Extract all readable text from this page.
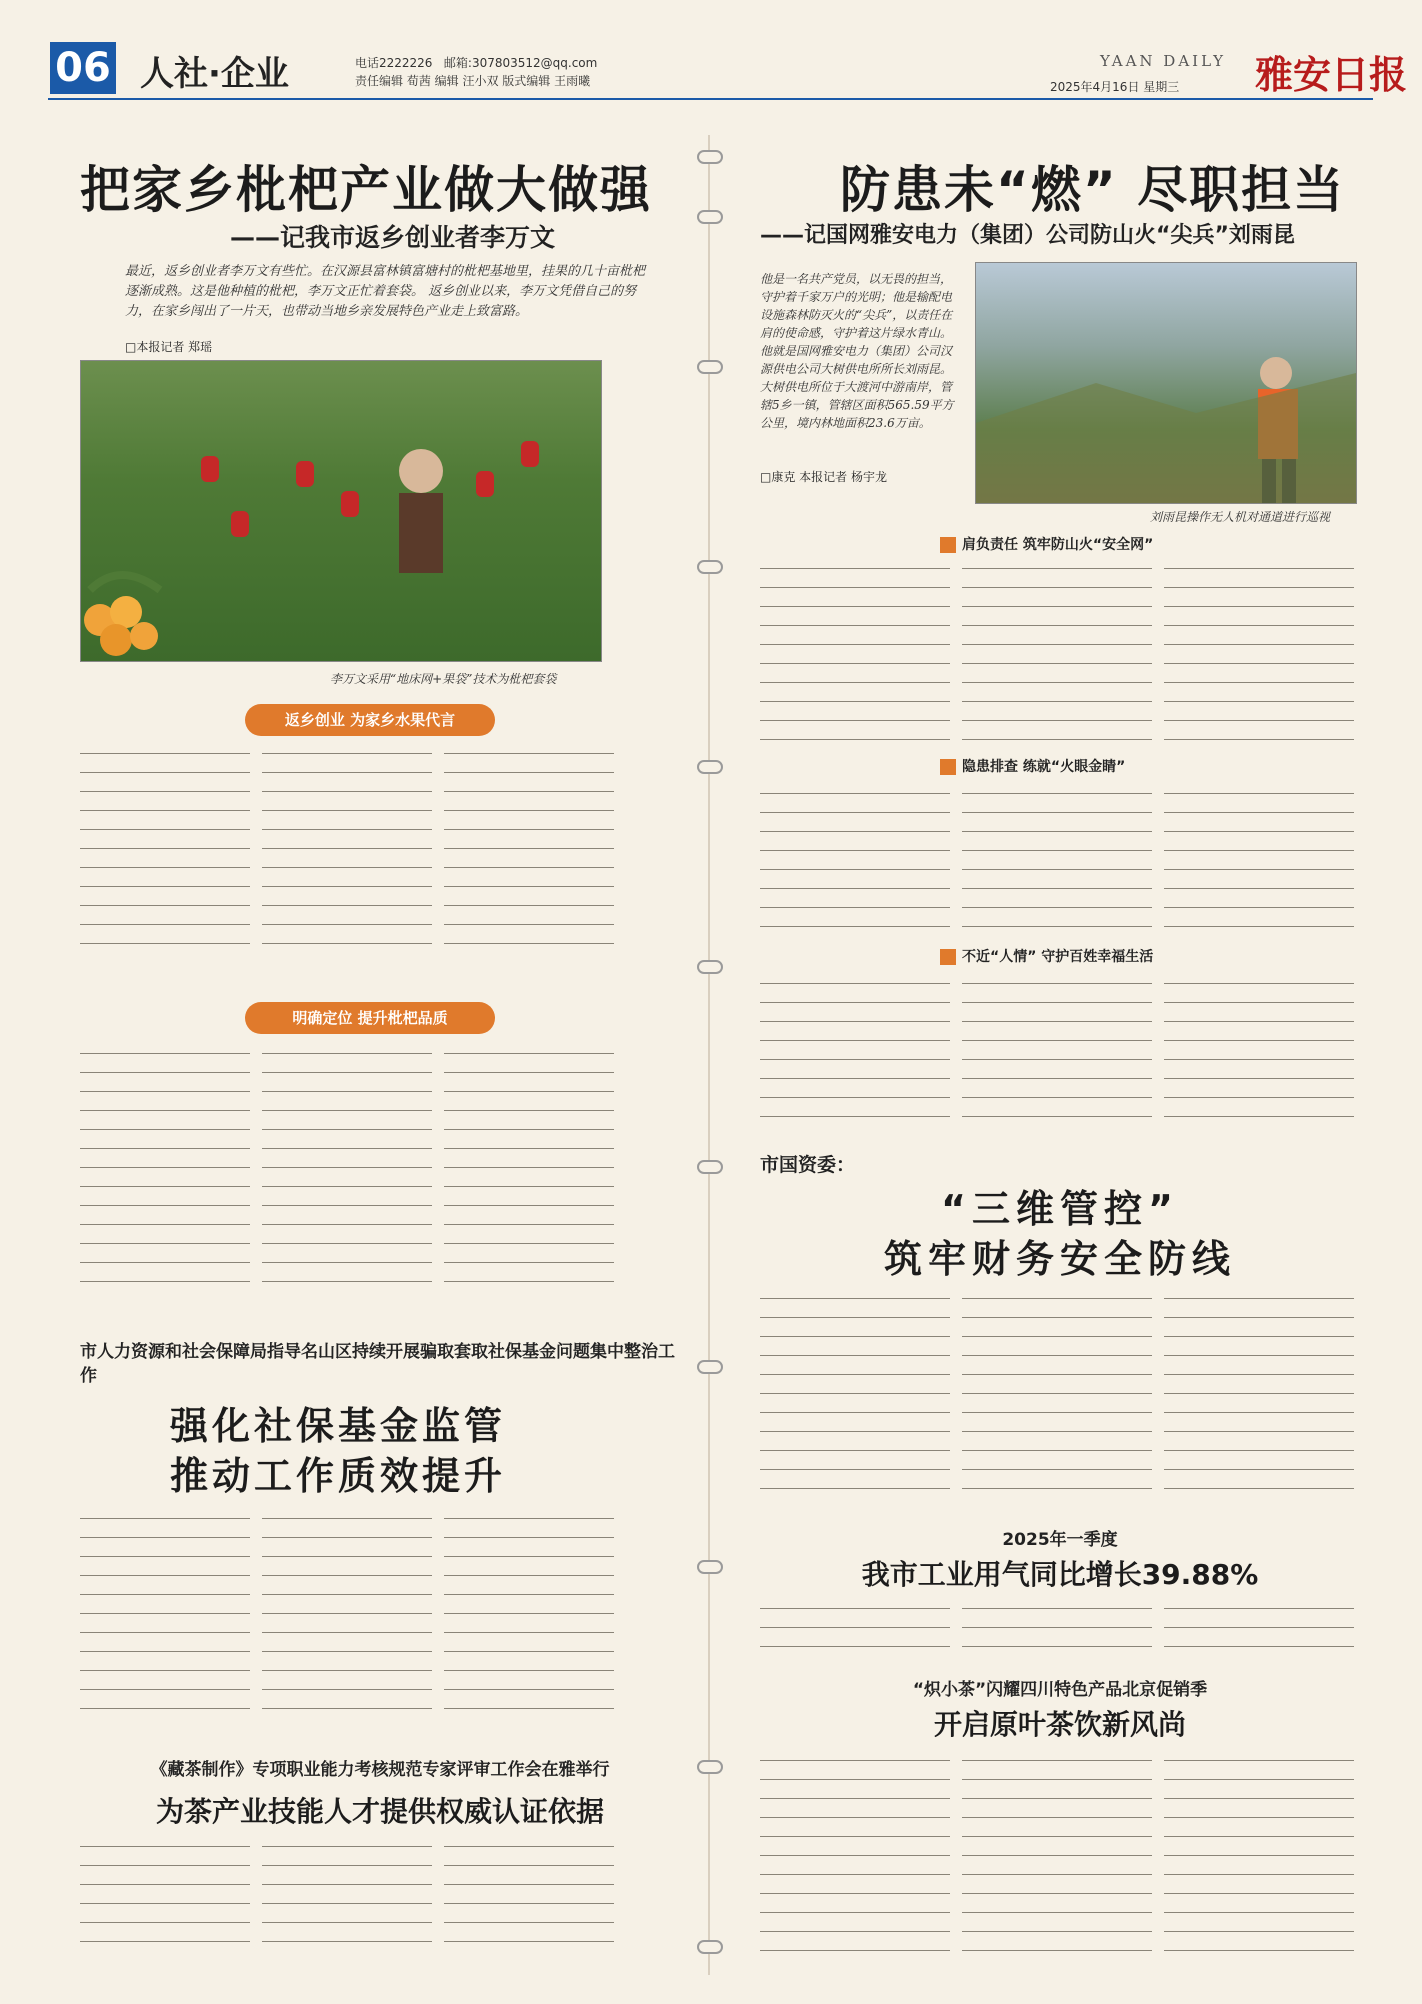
06 人社·企业	电话2222226 邮箱:307803512@qq.com
责任编辑 荀茜 编辑 汪小双 版式编辑 王雨曦
YAAN DAILY
2025年4月16日 星期三 雅安日报
把家乡枇杷产业做大做强
——记我市返乡创业者李万文
最近，返乡创业者李万文有些忙。在汉源县富林镇富塘村的枇杷基地里，挂果的几十亩枇杷逐渐成熟。这是他种植的枇杷，李万文正忙着套袋。 返乡创业以来，李万文凭借自己的努力，在家乡闯出了一片天，也带动当地乡亲发展特色产业走上致富路。
□本报记者 郑瑶
李万文采用“地床网+果袋”技术为枇杷套袋
返乡创业 为家乡水果代言
明确定位 提升枇杷品质
市人力资源和社会保障局指导名山区持续开展骗取套取社保基金问题集中整治工作
强化社保基金监管
推动工作质效提升
《藏茶制作》专项职业能力考核规范专家评审工作会在雅举行
为茶产业技能人才提供权威认证依据
防患未“燃” 尽职担当
——记国网雅安电力（集团）公司防山火“尖兵”刘雨昆
他是一名共产党员，以无畏的担当，守护着千家万户的光明；他是输配电设施森林防灭火的“尖兵”，以责任在肩的使命感，守护着这片绿水青山。他就是国网雅安电力（集团）公司汉源供电公司大树供电所所长刘雨昆。 大树供电所位于大渡河中游南岸，管辖5乡一镇，管辖区面积565.59平方公里，境内林地面积23.6万亩。
□康克 本报记者 杨宇龙
刘雨昆操作无人机对通道进行巡视
肩负责任 筑牢防山火“安全网”
隐患排查 练就“火眼金睛”
不近“人情” 守护百姓幸福生活
市国资委：
“三维管控”
筑牢财务安全防线
2025年一季度
我市工业用气同比增长39.88%
“炽小茶”闪耀四川特色产品北京促销季
开启原叶茶饮新风尚
